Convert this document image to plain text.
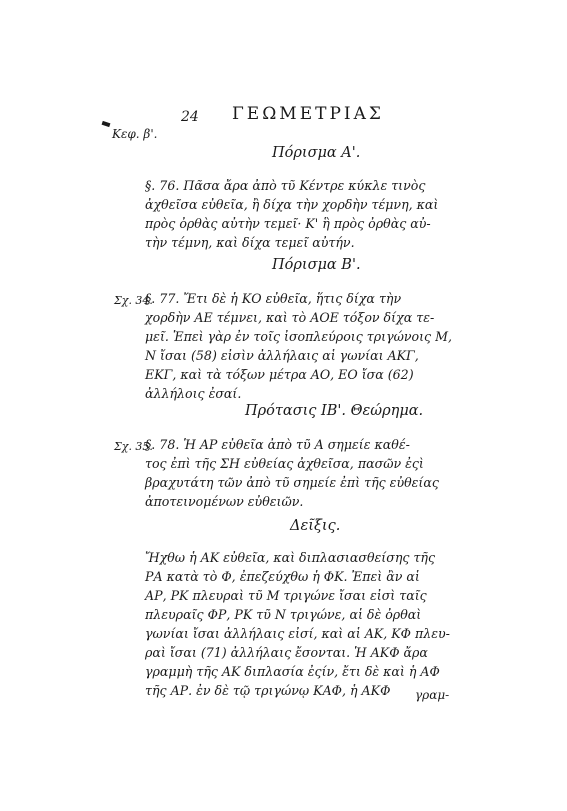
Κεφ. β'.
24 ΓΕΩΜΕΤΡΙΑΣ
Πόρισμα Α'.
§. 76. Πᾶσα ἄρα ἀπὸ τῦ Κέντρε κύκλε τινὸς
ἀχθεῖσα εὐθεῖα, ἢ δίχα τὴν χορδὴν τέμνη, καὶ
πρὸς ὀρθὰς αὐτὴν τεμεῖ· Κ' ἣ πρὸς ὀρθὰς αὐ-
τὴν τέμνη, καὶ δίχα τεμεῖ αὐτήν.
Πόρισμα Β'.
Σχ. 34.
§. 77. Ἔτι δὲ ἡ ΚΟ εὐθεῖα, ἥτις δίχα τὴν
χορδὴν ΑΕ τέμνει, καὶ τὸ ΑΟΕ τόξον δίχα τε-
μεῖ. Ἐπεὶ γὰρ ἐν τοῖς ἰσοπλεύροις τριγώνοις Μ,
Ν ἴσαι (58) εἰσὶν ἀλλήλαις αἱ γωνίαι ΑΚΓ,
ΕΚΓ, καὶ τὰ τόξων μέτρα ΑΟ, ΕΟ ἴσα (62)
ἀλλήλοις ἐσαί.
Πρότασις ΙΒ'. Θεώρημα.
Σχ. 35.
§. 78. Ἡ ΑΡ εὐθεῖα ἀπὸ τῦ Α σημείε καθέ-
τος ἐπὶ τῆς ΣΗ εὐθείας ἀχθεῖσα, πασῶν ἐςὶ
βραχυτάτη τῶν ἀπὸ τῦ σημείε ἐπὶ τῆς εὐθείας
ἀποτεινομένων εὐθειῶν.
Δεῖξις.
Ἤχθω ἡ ΑΚ εὐθεῖα, καὶ διπλασιασθείσης τῆς
ΡΑ κατὰ τὸ Φ, ἐπεζεύχθω ἡ ΦΚ. Ἐπεὶ ἂν αἱ
ΑΡ, ΡΚ πλευραὶ τῦ Μ τριγώνε ἴσαι εἰσὶ ταῖς
πλευραῖς ΦΡ, ΡΚ τῦ Ν τριγώνε, αἱ δὲ ὀρθαὶ
γωνίαι ἴσαι ἀλλήλαις εἰσί, καὶ αἱ ΑΚ, ΚΦ πλευ-
ραὶ ἴσαι (71) ἀλλήλαις ἔσονται. Ἡ ΑΚΦ ἄρα
γραμμὴ τῆς ΑΚ διπλασία ἐςίν, ἔτι δὲ καὶ ἡ ΑΦ
τῆς ΑΡ. ἐν δὲ τῷ τριγώνῳ ΚΑΦ, ἡ ΑΚΦ γραμ-
